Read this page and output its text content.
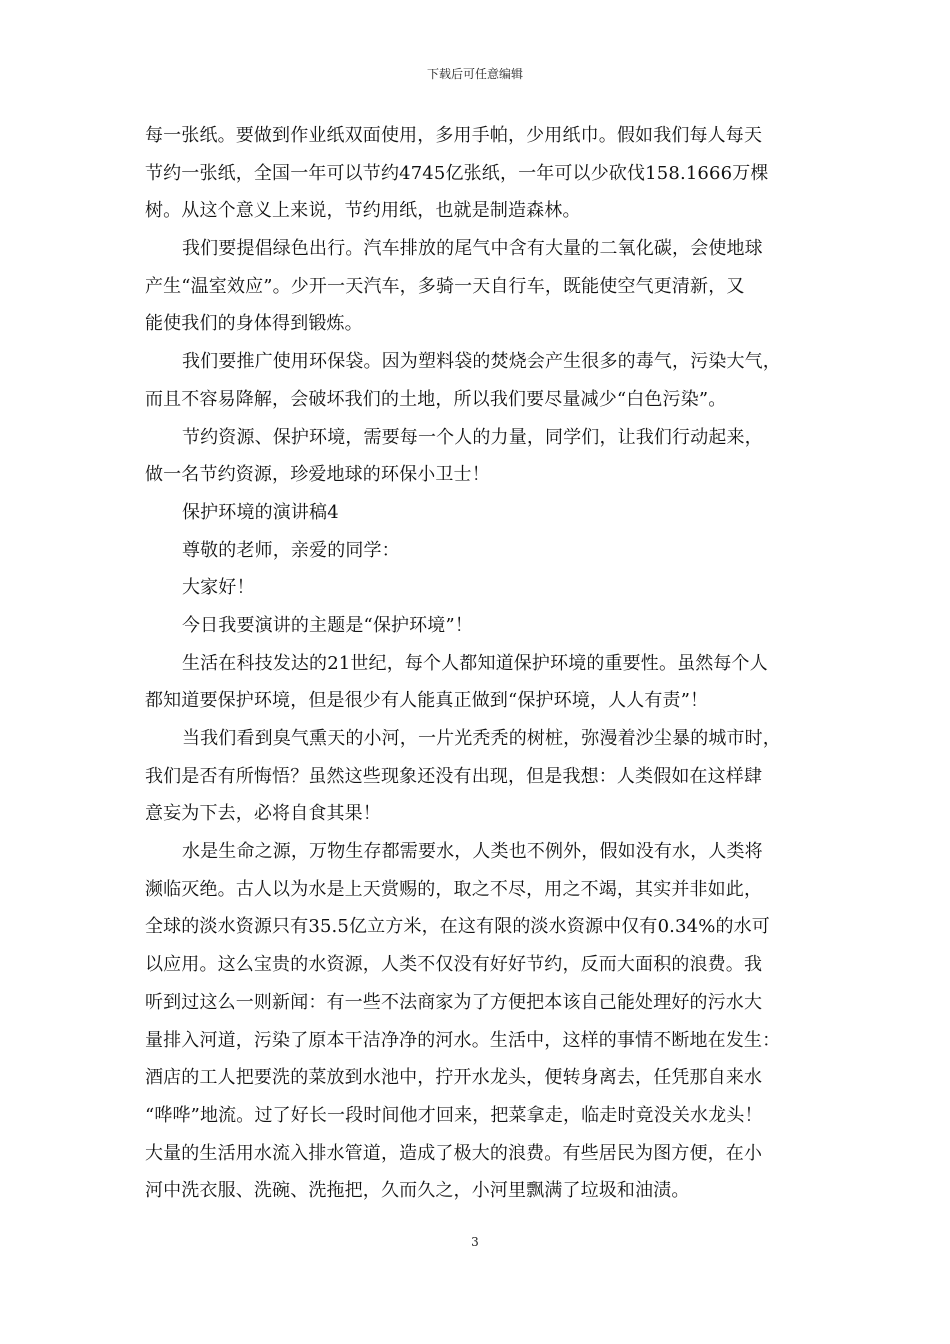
下载后可任意编辑
每一张纸。要做到作业纸双面使用，多用手帕，少用纸巾。假如我们每人每天
节约一张纸，全国一年可以节约4745亿张纸，一年可以少砍伐158.1666万棵
树。从这个意义上来说，节约用纸，也就是制造森林。
我们要提倡绿色出行。汽车排放的尾气中含有大量的二氧化碳，会使地球
产生“温室效应”。少开一天汽车，多骑一天自行车，既能使空气更清新，又
能使我们的身体得到锻炼。
我们要推广使用环保袋。因为塑料袋的焚烧会产生很多的毒气，污染大气，
而且不容易降解，会破坏我们的土地，所以我们要尽量减少“白色污染”。
节约资源、保护环境，需要每一个人的力量，同学们，让我们行动起来，
做一名节约资源，珍爱地球的环保小卫士！
保护环境的演讲稿4
尊敬的老师，亲爱的同学：
大家好！
今日我要演讲的主题是“保护环境”！
生活在科技发达的21世纪，每个人都知道保护环境的重要性。虽然每个人
都知道要保护环境，但是很少有人能真正做到“保护环境，人人有责”！
当我们看到臭气熏天的小河，一片光秃秃的树桩，弥漫着沙尘暴的城市时，
我们是否有所悔悟？虽然这些现象还没有出现，但是我想：人类假如在这样肆
意妄为下去，必将自食其果！
水是生命之源，万物生存都需要水，人类也不例外，假如没有水，人类将
濒临灭绝。古人以为水是上天赏赐的，取之不尽，用之不竭，其实并非如此，
全球的淡水资源只有35.5亿立方米，在这有限的淡水资源中仅有0.34%的水可
以应用。这么宝贵的水资源，人类不仅没有好好节约，反而大面积的浪费。我
听到过这么一则新闻：有一些不法商家为了方便把本该自己能处理好的污水大
量排入河道，污染了原本干洁净净的河水。生活中，这样的事情不断地在发生：
酒店的工人把要洗的菜放到水池中，拧开水龙头，便转身离去，任凭那自来水
“哗哗”地流。过了好长一段时间他才回来，把菜拿走，临走时竟没关水龙头！
大量的生活用水流入排水管道，造成了极大的浪费。有些居民为图方便，在小
河中洗衣服、洗碗、洗拖把，久而久之，小河里飘满了垃圾和油渍。
3
